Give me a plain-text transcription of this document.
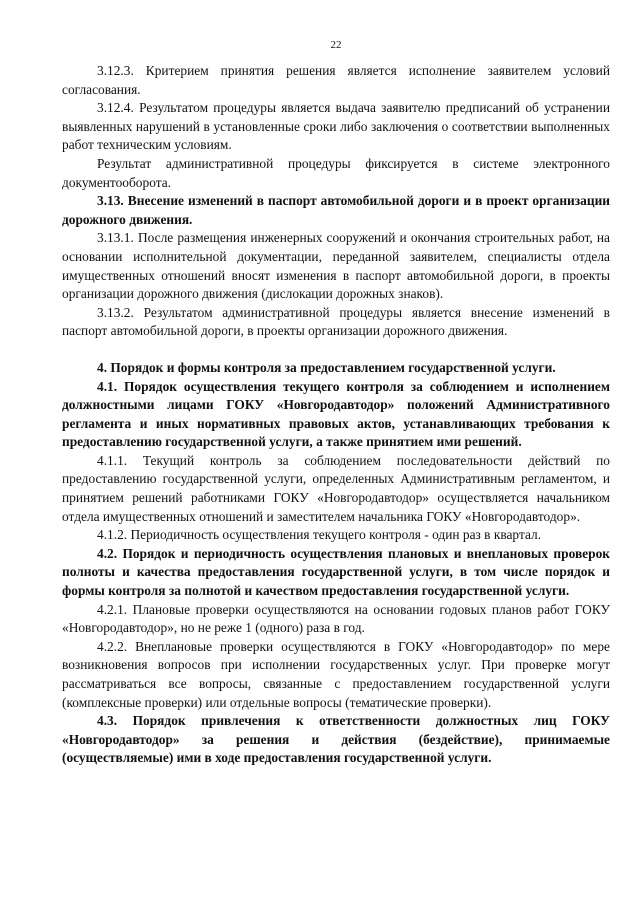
22

3.12.3. Критерием принятия решения является исполнение заявителем условий согласования.

3.12.4. Результатом процедуры является выдача заявителю предписаний об устранении выявленных нарушений в установленные сроки либо заключения о соответствии выполненных работ техническим условиям.

Результат административной процедуры фиксируется в системе электронного документооборота.

3.13. Внесение изменений в паспорт автомобильной дороги и в проект организации дорожного движения.

3.13.1. После размещения инженерных сооружений и окончания строительных работ, на основании исполнительной документации, переданной заявителем, специалисты отдела имущественных отношений вносят изменения в паспорт автомобильной дороги, в проекты организации дорожного движения (дислокации дорожных знаков).

3.13.2. Результатом административной процедуры является внесение изменений в паспорт автомобильной дороги, в проекты организации дорожного движения.

4. Порядок и формы контроля за предоставлением государственной услуги.

4.1. Порядок осуществления текущего контроля за соблюдением и исполнением должностными лицами ГОКУ «Новгородавтодор» положений Административного регламента и иных нормативных правовых актов, устанавливающих требования к предоставлению государственной услуги, а также принятием ими решений.

4.1.1. Текущий контроль за соблюдением последовательности действий по предоставлению государственной услуги, определенных Административным регламентом, и принятием решений работниками ГОКУ «Новгородавтодор» осуществляется начальником отдела имущественных отношений и заместителем начальника ГОКУ «Новгородавтодор».

4.1.2. Периодичность осуществления текущего контроля - один раз в квартал.

4.2. Порядок и периодичность осуществления плановых и внеплановых проверок полноты и качества предоставления государственной услуги, в том числе порядок и формы контроля за полнотой и качеством предоставления государственной услуги.

4.2.1. Плановые проверки осуществляются на основании годовых планов работ ГОКУ «Новгородавтодор», но не реже 1 (одного) раза в год.

4.2.2. Внеплановые проверки осуществляются в ГОКУ «Новгородавтодор» по мере возникновения вопросов при исполнении государственных услуг. При проверке могут рассматриваться все вопросы, связанные с предоставлением государственной услуги (комплексные проверки) или отдельные вопросы (тематические проверки).

4.3. Порядок привлечения к ответственности должностных лиц ГОКУ «Новгородавтодор» за решения и действия (бездействие), принимаемые (осуществляемые) ими в ходе предоставления государственной услуги.
